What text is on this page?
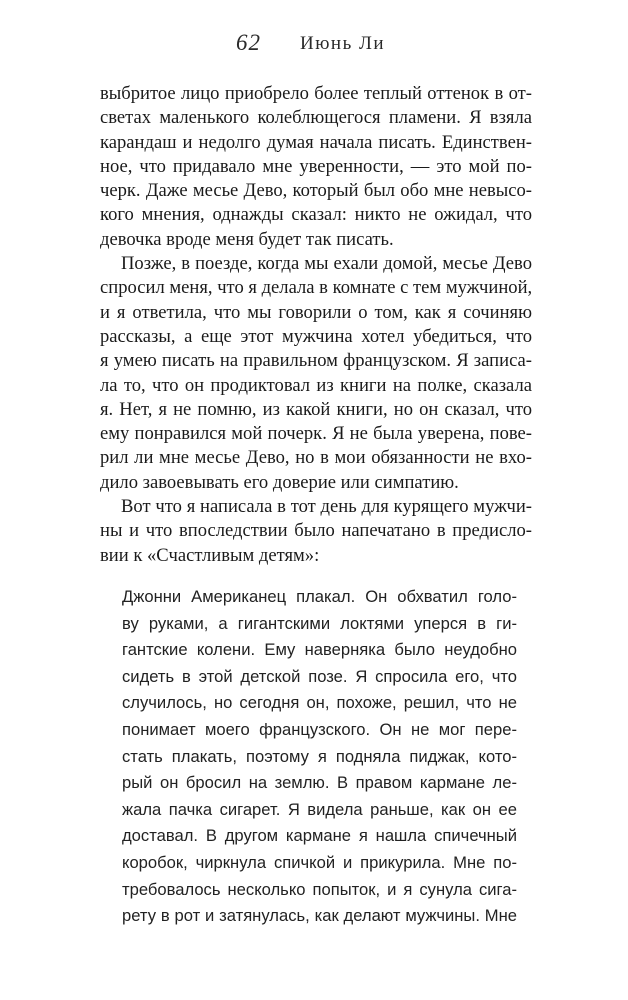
62 Июнь Ли
выбритое лицо приобрело более теплый оттенок в от-
светах маленького колеблющегося пламени. Я взяла
карандаш и недолго думая начала писать. Единствен-
ное, что придавало мне уверенности, — это мой по-
черк. Даже месье Дево, который был обо мне невысо-
кого мнения, однажды сказал: никто не ожидал, что
девочка вроде меня будет так писать.
Позже, в поезде, когда мы ехали домой, месье Дево
спросил меня, что я делала в комнате с тем мужчиной,
и я ответила, что мы говорили о том, как я сочиняю
рассказы, а еще этот мужчина хотел убедиться, что
я умею писать на правильном французском. Я записа-
ла то, что он продиктовал из книги на полке, сказала
я. Нет, я не помню, из какой книги, но он сказал, что
ему понравился мой почерк. Я не была уверена, пове-
рил ли мне месье Дево, но в мои обязанности не вхо-
дило завоевывать его доверие или симпатию.
Вот что я написала в тот день для курящего мужчи-
ны и что впоследствии было напечатано в предисло-
вии к «Счастливым детям»:
Джонни Американец плакал. Он обхватил голо-
ву руками, а гигантскими локтями уперся в ги-
гантские колени. Ему наверняка было неудобно
сидеть в этой детской позе. Я спросила его, что
случилось, но сегодня он, похоже, решил, что не
понимает моего французского. Он не мог пере-
стать плакать, поэтому я подняла пиджак, кото-
рый он бросил на землю. В правом кармане ле-
жала пачка сигарет. Я видела раньше, как он ее
доставал. В другом кармане я нашла спичечный
коробок, чиркнула спичкой и прикурила. Мне по-
требовалось несколько попыток, и я сунула сига-
рету в рот и затянулась, как делают мужчины. Мне
